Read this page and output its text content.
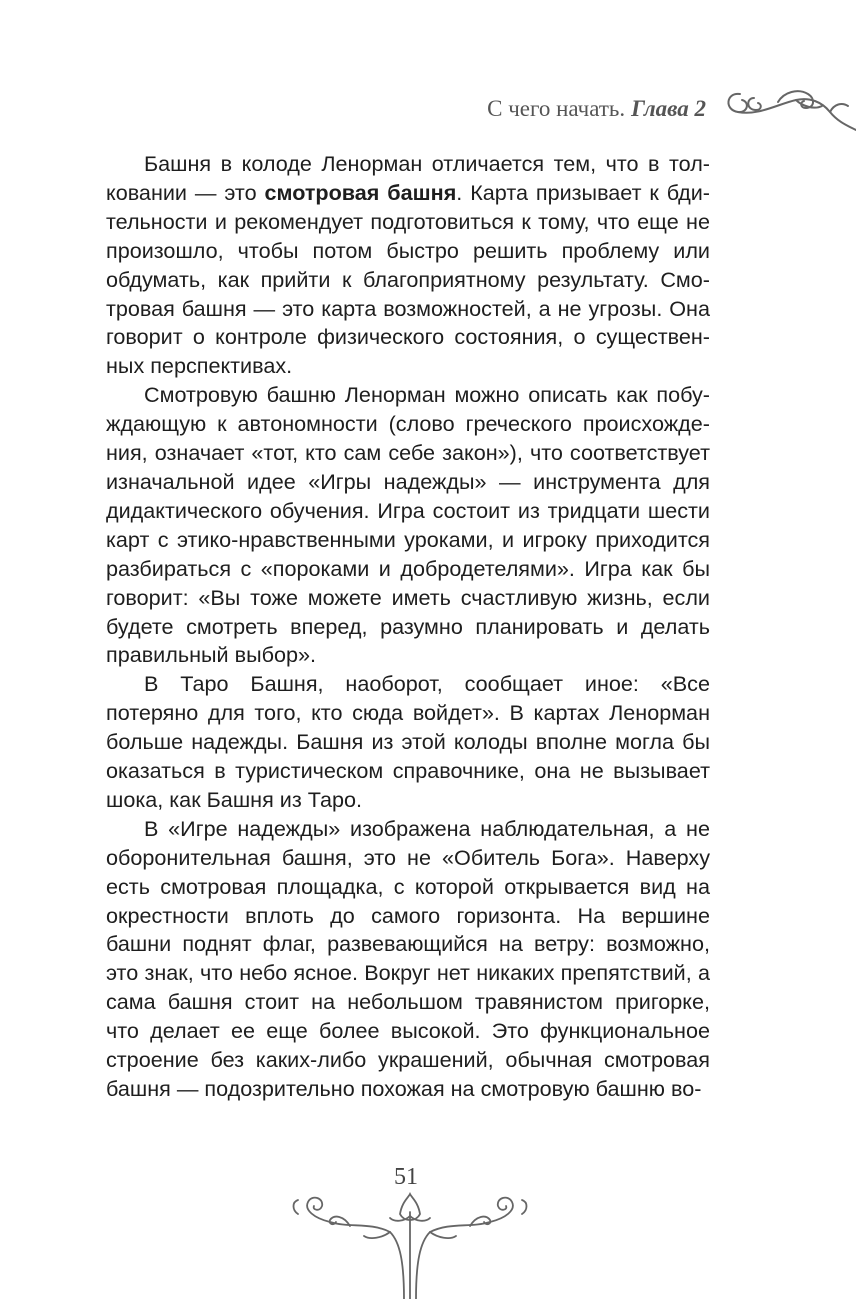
С чего начать. Глава 2

Башня в колоде Ленорман отличается тем, что в толковании — это смотровая башня. Карта призывает к бдительности и рекомендует подготовиться к тому, что еще не произошло, чтобы потом быстро решить проблему или обдумать, как прийти к благоприятному результату. Смотровая башня — это карта возможностей, а не угрозы. Она говорит о контроле физического состояния, о существенных перспективах.

Смотровую башню Ленорман можно описать как побуждающую к автономности (слово греческого происхождения, означает «тот, кто сам себе закон»), что соответствует изначальной идее «Игры надежды» — инструмента для дидактического обучения. Игра состоит из тридцати шести карт с этико-нравственными уроками, и игроку приходится разбираться с «пороками и добродетелями». Игра как бы говорит: «Вы тоже можете иметь счастливую жизнь, если будете смотреть вперед, разумно планировать и делать правильный выбор».

В Таро Башня, наоборот, сообщает иное: «Все потеряно для того, кто сюда войдет». В картах Ленорман больше надежды. Башня из этой колоды вполне могла бы оказаться в туристическом справочнике, она не вызывает шока, как Башня из Таро.

В «Игре надежды» изображена наблюдательная, а не оборонительная башня, это не «Обитель Бога». Наверху есть смотровая площадка, с которой открывается вид на окрестности вплоть до самого горизонта. На вершине башни поднят флаг, развевающийся на ветру: возможно, это знак, что небо ясное. Вокруг нет никаких препятствий, а сама башня стоит на небольшом травянистом пригорке, что делает ее еще более высокой. Это функциональное строение без каких-либо украшений, обычная смотровая башня — подозрительно похожая на смотровую башню во-

51
